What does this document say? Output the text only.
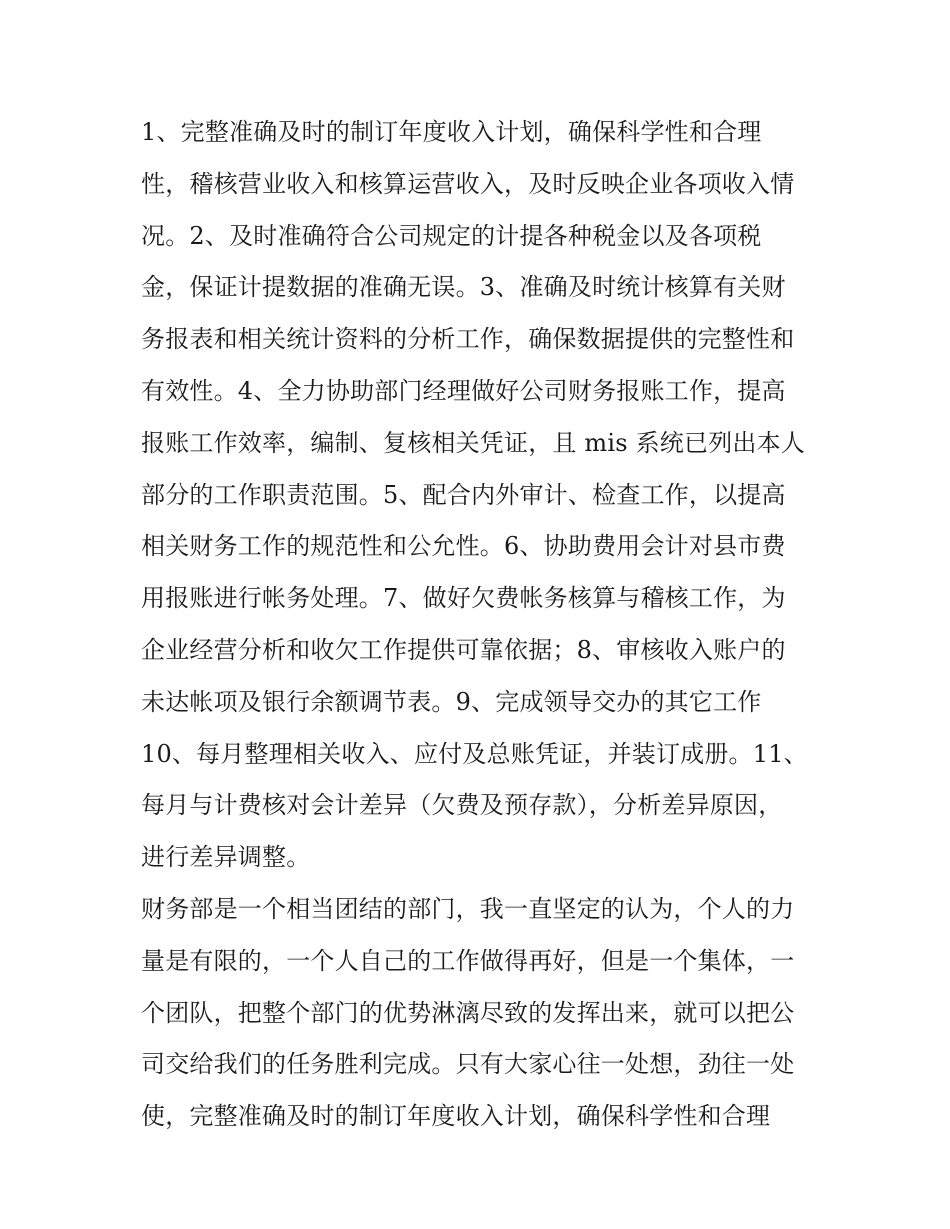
1、完整准确及时的制订年度收入计划，确保科学性和合理
性，稽核营业收入和核算运营收入，及时反映企业各项收入情
况。2、及时准确符合公司规定的计提各种税金以及各项税
金，保证计提数据的准确无误。3、准确及时统计核算有关财
务报表和相关统计资料的分析工作，确保数据提供的完整性和
有效性。4、全力协助部门经理做好公司财务报账工作，提高
报账工作效率，编制、复核相关凭证，且 mis 系统已列出本人
部分的工作职责范围。5、配合内外审计、检查工作，以提高
相关财务工作的规范性和公允性。6、协助费用会计对县市费
用报账进行帐务处理。7、做好欠费帐务核算与稽核工作，为
企业经营分析和收欠工作提供可靠依据；8、审核收入账户的
未达帐项及银行余额调节表。9、完成领导交办的其它工作
10、每月整理相关收入、应付及总账凭证，并装订成册。11、
每月与计费核对会计差异（欠费及预存款），分析差异原因，
进行差异调整。
财务部是一个相当团结的部门，我一直坚定的认为，个人的力
量是有限的，一个人自己的工作做得再好，但是一个集体，一
个团队，把整个部门的优势淋漓尽致的发挥出来，就可以把公
司交给我们的任务胜利完成。只有大家心往一处想，劲往一处
使，完整准确及时的制订年度收入计划，确保科学性和合理
